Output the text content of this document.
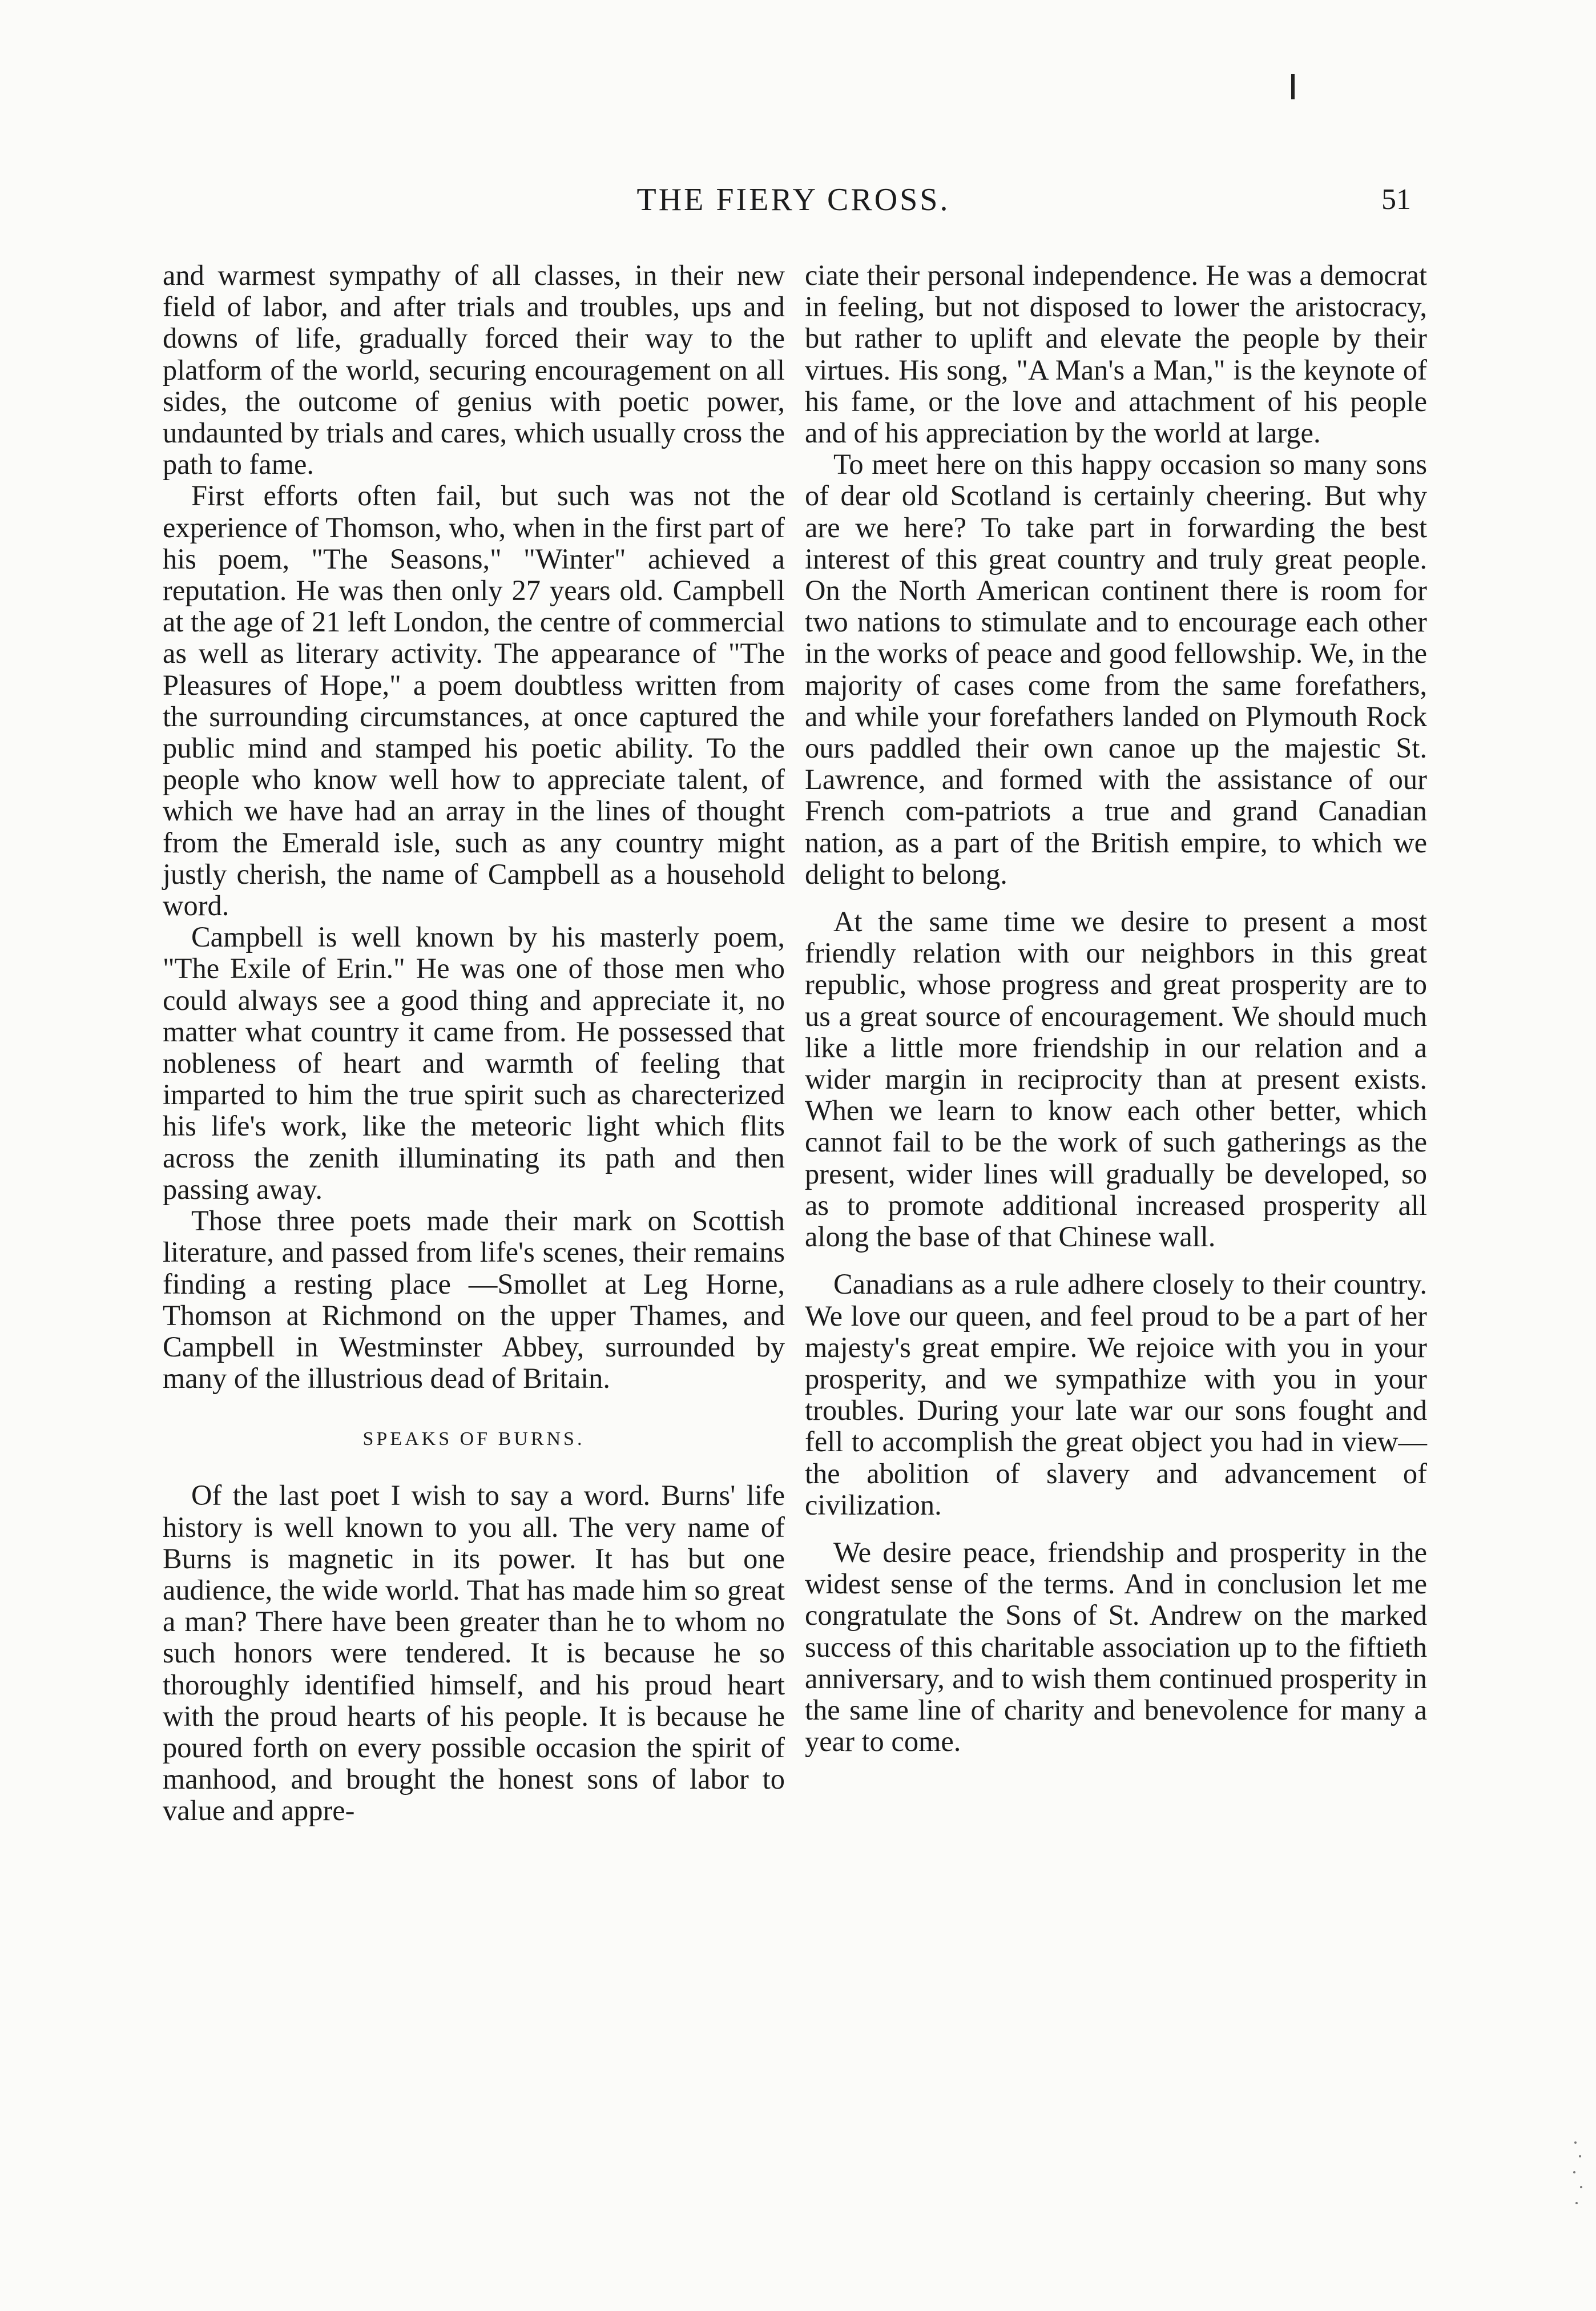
THE FIERY CROSS.	51

and warmest sympathy of all classes, in their new field of labor, and after trials and troubles, ups and downs of life, gradually forced their way to the platform of the world, securing encouragement on all sides, the outcome of genius with poetic power, undaunted by trials and cares, which usually cross the path to fame.

First efforts often fail, but such was not the experience of Thomson, who, when in the first part of his poem, "The Seasons," "Winter" achieved a reputation. He was then only 27 years old. Campbell at the age of 21 left London, the centre of commercial as well as literary activity. The appearance of "The Pleasures of Hope," a poem doubtless written from the surrounding circumstances, at once captured the public mind and stamped his poetic ability. To the people who know well how to appreciate talent, of which we have had an array in the lines of thought from the Emerald isle, such as any country might justly cherish, the name of Campbell as a household word.

Campbell is well known by his masterly poem, "The Exile of Erin." He was one of those men who could always see a good thing and appreciate it, no matter what country it came from. He possessed that nobleness of heart and warmth of feeling that imparted to him the true spirit such as charecterized his life's work, like the meteoric light which flits across the zenith illuminating its path and then passing away.

Those three poets made their mark on Scottish literature, and passed from life's scenes, their remains finding a resting place —Smollet at Leg Horne, Thomson at Richmond on the upper Thames, and Campbell in Westminster Abbey, surrounded by many of the illustrious dead of Britain.

SPEAKS OF BURNS.

Of the last poet I wish to say a word. Burns' life history is well known to you all. The very name of Burns is magnetic in its power. It has but one audience, the wide world. That has made him so great a man? There have been greater than he to whom no such honors were tendered. It is because he so thoroughly identified himself, and his proud heart with the proud hearts of his people. It is because he poured forth on every possible occasion the spirit of manhood, and brought the honest sons of labor to value and appre-

ciate their personal independence. He was a democrat in feeling, but not disposed to lower the aristocracy, but rather to uplift and elevate the people by their virtues. His song, "A Man's a Man," is the keynote of his fame, or the love and attachment of his people and of his appreciation by the world at large.

To meet here on this happy occasion so many sons of dear old Scotland is certainly cheering. But why are we here? To take part in forwarding the best interest of this great country and truly great people. On the North American continent there is room for two nations to stimulate and to encourage each other in the works of peace and good fellowship. We, in the majority of cases come from the same forefathers, and while your forefathers landed on Plymouth Rock ours paddled their own canoe up the majestic St. Lawrence, and formed with the assistance of our French com-patriots a true and grand Canadian nation, as a part of the British empire, to which we delight to belong.

At the same time we desire to present a most friendly relation with our neighbors in this great republic, whose progress and great prosperity are to us a great source of encouragement. We should much like a little more friendship in our relation and a wider margin in reciprocity than at present exists. When we learn to know each other better, which cannot fail to be the work of such gatherings as the present, wider lines will gradually be developed, so as to promote additional increased prosperity all along the base of that Chinese wall.

Canadians as a rule adhere closely to their country. We love our queen, and feel proud to be a part of her majesty's great empire. We rejoice with you in your prosperity, and we sympathize with you in your troubles. During your late war our sons fought and fell to accomplish the great object you had in view—the abolition of slavery and advancement of civilization.

We desire peace, friendship and prosperity in the widest sense of the terms. And in conclusion let me congratulate the Sons of St. Andrew on the marked success of this charitable association up to the fiftieth anniversary, and to wish them continued prosperity in the same line of charity and benevolence for many a year to come.
